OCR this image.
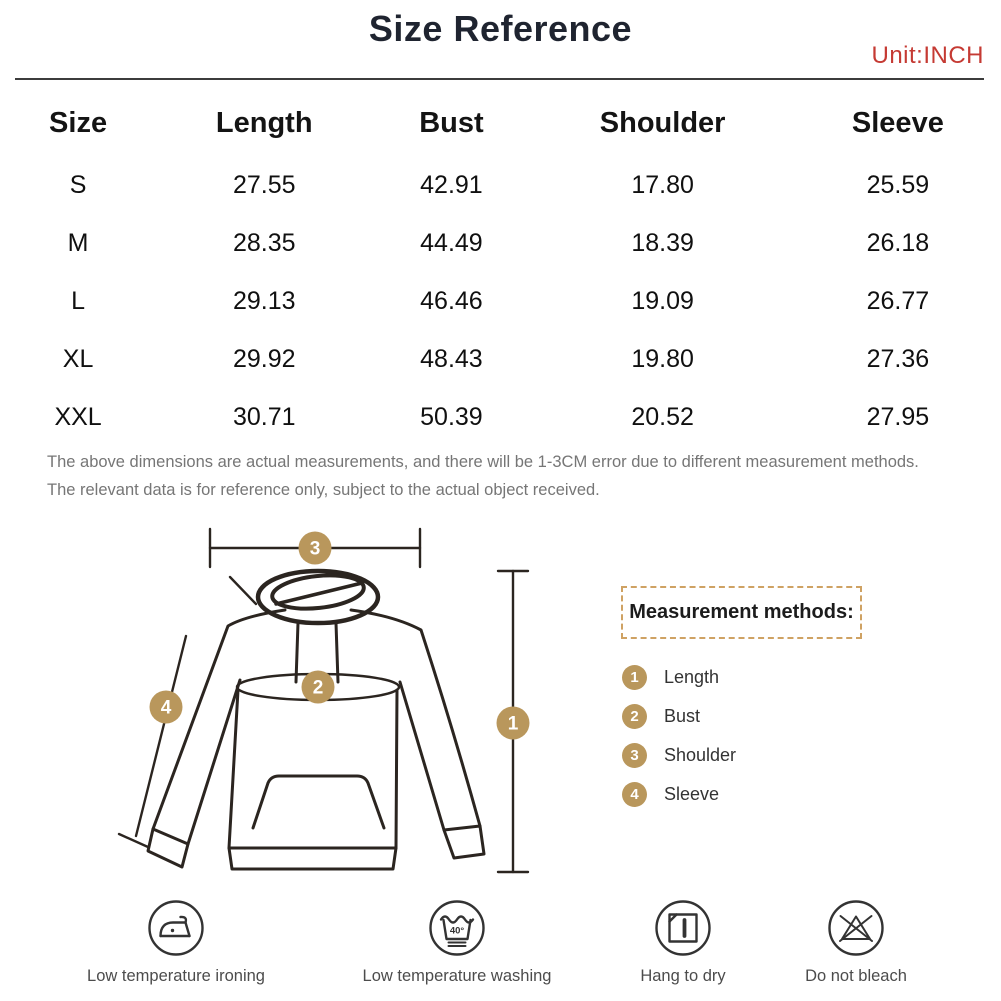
Size Reference
Unit:INCH
Size	Length	Bust	Shoulder	Sleeve
S	27.55	42.91	17.80	25.59
M	28.35	44.49	18.39	26.18
L	29.13	46.46	19.09	26.77
XL	29.92	48.43	19.80	27.36
XXL	30.71	50.39	20.52	27.95

The above dimensions are actual measurements, and there will be 1-3CM error due to different measurement methods.

The relevant data is for reference only, subject to the actual object received.

3
1
2
4
Measurement methods:
1	Length
2	Bust
3	Shoulder
4	Sleeve
Low temperature ironing
40°
Low temperature washing	Hang to dry	Do not bleach
